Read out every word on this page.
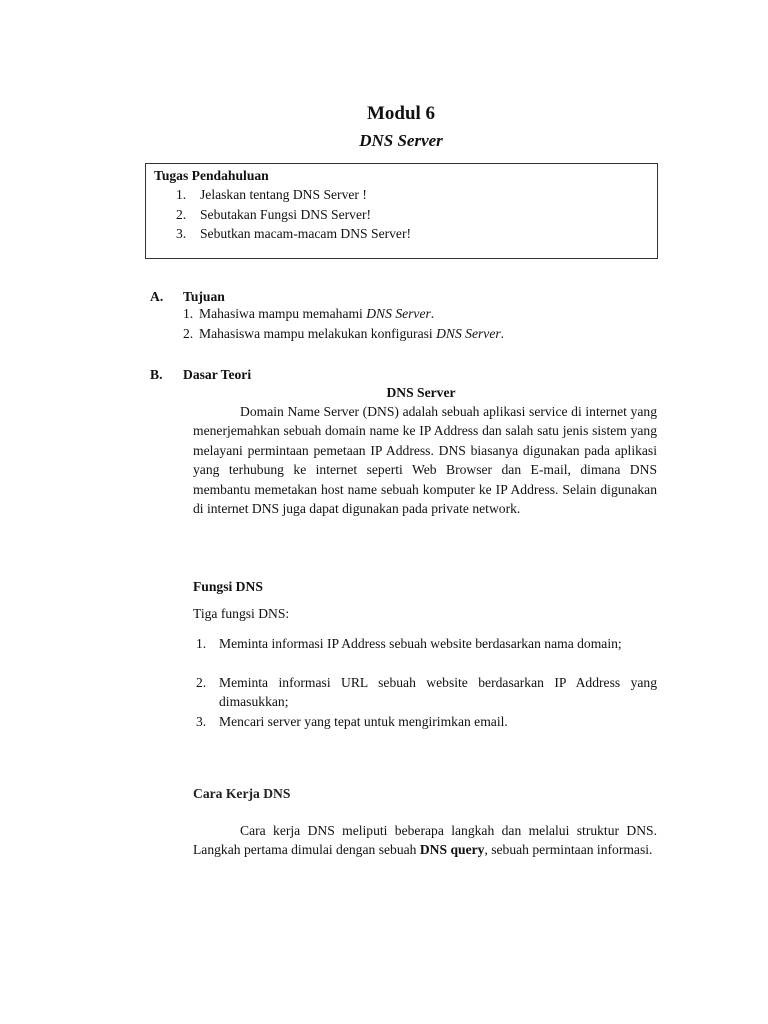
Modul 6
DNS Server
Tugas Pendahuluan
1. Jelaskan tentang DNS Server !
2. Sebutakan Fungsi DNS Server!
3. Sebutkan macam-macam DNS Server!
A. Tujuan
1. Mahasiwa mampu memahami DNS Server.
2. Mahasiswa mampu melakukan konfigurasi DNS Server.
B. Dasar Teori
DNS Server
Domain Name Server (DNS) adalah sebuah aplikasi service di internet yang menerjemahkan sebuah domain name ke IP Address dan salah satu jenis sistem yang melayani permintaan pemetaan IP Address. DNS biasanya digunakan pada aplikasi yang terhubung ke internet seperti Web Browser dan E-mail, dimana DNS membantu memetakan host name sebuah komputer ke IP Address. Selain digunakan di internet DNS juga dapat digunakan pada private network.
Fungsi DNS
Tiga fungsi DNS:
1. Meminta informasi IP Address sebuah website berdasarkan nama domain;
2. Meminta informasi URL sebuah website berdasarkan IP Address yang dimasukkan;
3. Mencari server yang tepat untuk mengirimkan email.
Cara Kerja DNS
Cara kerja DNS meliputi beberapa langkah dan melalui struktur DNS. Langkah pertama dimulai dengan sebuah DNS query, sebuah permintaan informasi.
